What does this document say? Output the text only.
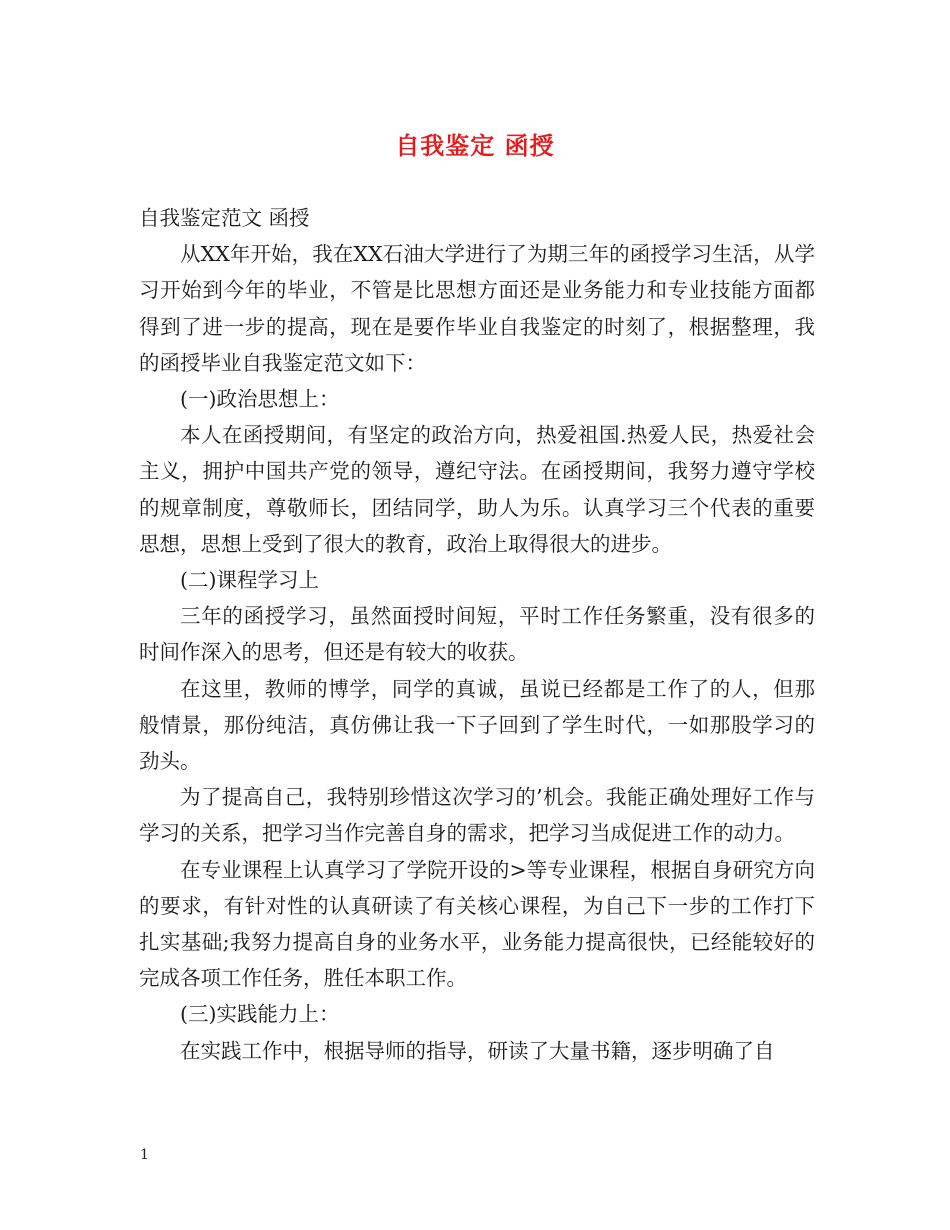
自我鉴定 函授

自我鉴定范文 函授

从XX年开始，我在XX石油大学进行了为期三年的函授学习生活，从学习开始到今年的毕业，不管是比思想方面还是业务能力和专业技能方面都得到了进一步的提高，现在是要作毕业自我鉴定的时刻了，根据整理，我的函授毕业自我鉴定范文如下：

(一)政治思想上：

本人在函授期间，有坚定的政治方向，热爱祖国.热爱人民，热爱社会主义，拥护中国共产党的领导，遵纪守法。在函授期间，我努力遵守学校的规章制度，尊敬师长，团结同学，助人为乐。认真学习三个代表的重要思想，思想上受到了很大的教育，政治上取得很大的进步。

(二)课程学习上

三年的函授学习，虽然面授时间短，平时工作任务繁重，没有很多的时间作深入的思考，但还是有较大的收获。

在这里，教师的博学，同学的真诚，虽说已经都是工作了的人，但那般情景，那份纯洁，真仿佛让我一下子回到了学生时代，一如那股学习的劲头。

为了提高自己，我特别珍惜这次学习的’机会。我能正确处理好工作与学习的关系，把学习当作完善自身的需求，把学习当成促进工作的动力。

在专业课程上认真学习了学院开设的>等专业课程，根据自身研究方向的要求，有针对性的认真研读了有关核心课程，为自己下一步的工作打下扎实基础;我努力提高自身的业务水平，业务能力提高很快，已经能较好的完成各项工作任务，胜任本职工作。

(三)实践能力上：

在实践工作中，根据导师的指导，研读了大量书籍，逐步明确了自

1
